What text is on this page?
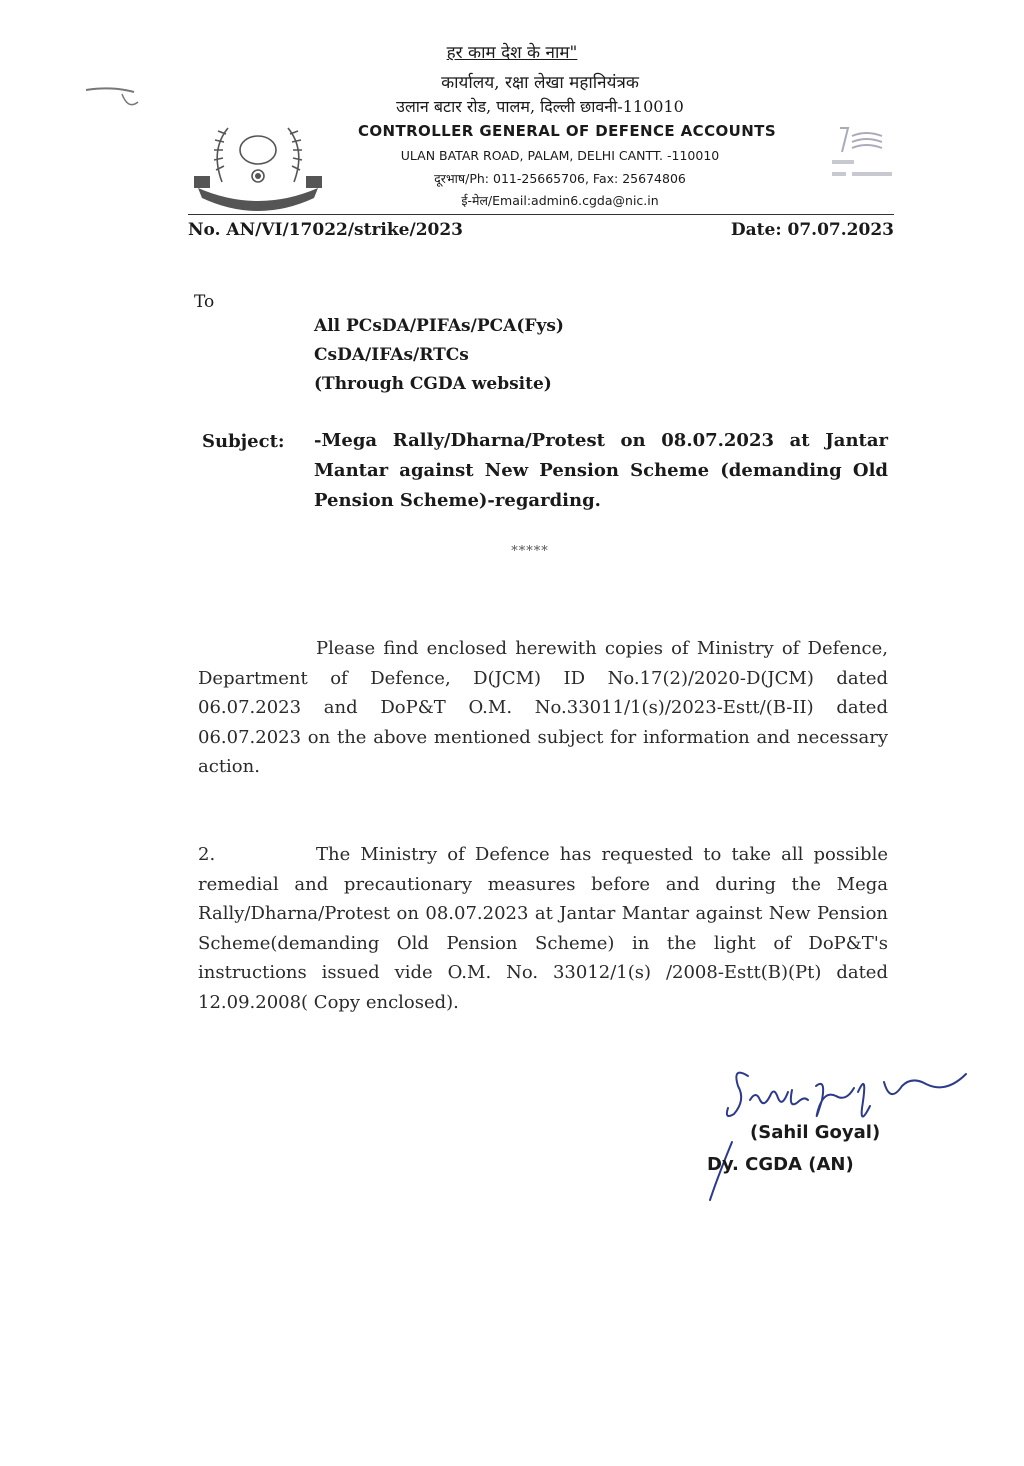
हर काम देश के नाम"
कार्यालय, रक्षा लेखा महानियंत्रक
उलान बटार रोड, पालम, दिल्ली छावनी-110010
CONTROLLER GENERAL OF DEFENCE ACCOUNTS
ULAN BATAR ROAD, PALAM, DELHI CANTT. -110010
दूरभाष/Ph: 011-25665706, Fax: 25674806
ई-मेल/Email:admin6.cgda@nic.in
No. AN/VI/17022/strike/2023	Date: 07.07.2023
To
All PCsDA/PIFAs/PCA(Fys)
CsDA/IFAs/RTCs
(Through CGDA website)
Subject: -Mega Rally/Dharna/Protest on 08.07.2023 at Jantar Mantar against New Pension Scheme (demanding Old Pension Scheme)-regarding.
*****
Please find enclosed herewith copies of Ministry of Defence, Department of Defence, D(JCM) ID No.17(2)/2020-D(JCM) dated 06.07.2023 and DoP&T O.M. No.33011/1(s)/2023-Estt/(B-II) dated 06.07.2023 on the above mentioned subject for information and necessary action.
2.	The Ministry of Defence has requested to take all possible remedial and precautionary measures before and during the Mega Rally/Dharna/Protest on 08.07.2023 at Jantar Mantar against New Pension Scheme(demanding Old Pension Scheme) in the light of DoP&T's instructions issued vide O.M. No. 33012/1(s) /2008-Estt(B)(Pt) dated 12.09.2008( Copy enclosed).
(Sahil Goyal)
Dy. CGDA (AN)
